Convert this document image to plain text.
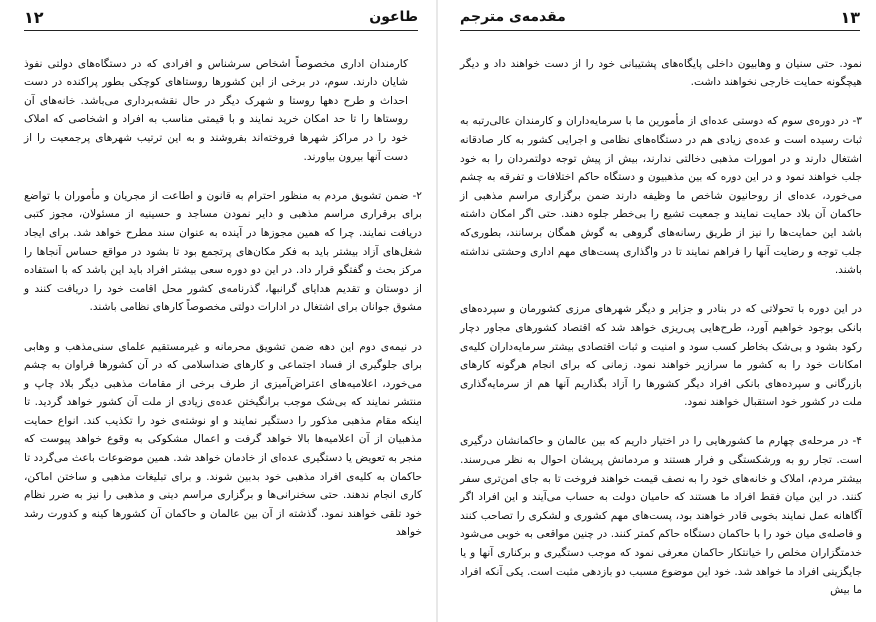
١٢	طاعون

کارمندان اداری مخصوصاً اشخاص سرشناس و افرادی که در دستگاه‌های دولتی نفوذ شایان دارند. سوم، در برخی از این کشورها روستاهای کوچکی بطور پراکنده در دست احداث و طرح دهها روستا و شهرک دیگر در حال نقشه‌برداری می‌باشد. خانه‌های آن روستاها را تا حد امکان خرید نمایند و با قیمتی مناسب به افراد و اشخاصی که املاک خود را در مراکز شهرها فروخته‌اند بفروشند و به این ترتیب شهرهای پرجمعیت را از دست آنها بیرون بیاورند.

۲- ضمن تشویق مردم به منظور احترام به قانون و اطاعت از مجریان و مأموران با تواضع برای برقراری مراسم مذهبی و دایر نمودن مساجد و حسینیه از مسئولان، مجوز کتبی دریافت نمایند. چرا که همین مجوزها در آینده به عنوان سند مطرح خواهد شد. برای ایجاد شغل‌های آزاد بیشتر باید به فکر مکان‌های پرتجمع بود تا بشود در مواقع حساس آنجاها را مرکز بحث و گفتگو قرار داد. در این دو دوره سعی بیشتر افراد باید این باشد که با استفاده از دوستان و تقدیم هدایای گرانبها، گذرنامه‌ی کشور محل اقامت خود را دریافت کنند و مشوق جوانان برای اشتغال در ادارات دولتی مخصوصاً کارهای نظامی باشند.

در نیمه‌ی دوم این دهه ضمن تشویق محرمانه و غیرمستقیم علمای سنی‌مذهب و وهابی برای جلوگیری از فساد اجتماعی و کارهای ضداسلامی که در آن کشورها فراوان به چشم می‌خورد، اعلامیه‌های اعتراض‌آمیزی از طرف برخی از مقامات مذهبی دیگر بلاد چاپ و منتشر نمایند که بی‌شک موجب برانگیختن عده‌ی زیادی از ملت آن کشور خواهد گردید. تا اینکه مقام مذهبی مذکور را دستگیر نمایند و او نوشته‌ی خود را تکذیب کند. انواع حمایت مذهبیان از آن اعلامیه‌ها بالا خواهد گرفت و اعمال مشکوکی به وقوع خواهد پیوست که منجر به تعویض یا دستگیری عده‌ای از خادمان خواهد شد. همین موضوعات باعث می‌گردد تا حاکمان به کلیه‌ی افراد مذهبی خود بدبین شوند. و برای تبلیغات مذهبی و ساختن اماکن، کاری انجام ندهند. حتی سخنرانی‌ها و برگزاری مراسم دینی و مذهبی را نیز به ضرر نظام خود تلقی خواهند نمود. گذشته از آن بین عالمان و حاکمان آن کشورها کینه و کدورت رشد خواهد

مقدمه‌ی مترجم	١٣

نمود. حتی سنیان و وهابیون داخلی پایگاه‌های پشتیبانی خود را از دست خواهند داد و دیگر هیچگونه حمایت خارجی نخواهند داشت.

۳- در دوره‌ی سوم که دوستی عده‌ای از مأمورین ما با سرمایه‌داران و کارمندان عالی‌رتبه به ثبات رسیده است و عده‌ی زیادی هم در دستگاه‌های نظامی و اجرایی کشور به کار صادقانه اشتغال دارند و در امورات مذهبی دخالتی ندارند، بیش از پیش توجه دولتمردان را به خود جلب خواهند نمود و در این دوره که بین مذهبیون و دستگاه حاکم اختلافات و تفرقه به چشم می‌خورد، عده‌ای از روحانیون شاخص ما وظیفه دارند ضمن برگزاری مراسم مذهبی از حاکمان آن بلاد حمایت نمایند و جمعیت تشیع را بی‌خطر جلوه دهند. حتی اگر امکان داشته باشد این حمایت‌ها را نیز از طریق رسانه‌های گروهی به گوش همگان برسانند، بطوری‌که جلب توجه و رضایت آنها را فراهم نمایند تا در واگذاری پست‌های مهم اداری وحشتی نداشته باشند.

در این دوره با تحولاتی که در بنادر و جزایر و دیگر شهرهای مرزی کشورمان و سپرده‌های بانکی بوجود خواهیم آورد، طرح‌هایی پی‌ریزی خواهد شد که اقتصاد کشورهای مجاور دچار رکود بشود و بی‌شک بخاطر کسب سود و امنیت و ثبات اقتصادی بیشتر سرمایه‌داران کلیه‌ی امکانات خود را به کشور ما سرازیر خواهند نمود. زمانی که برای انجام هرگونه کارهای بازرگانی و سپرده‌های بانکی افراد دیگر کشورها را آزاد بگذاریم آنها هم از سرمایه‌گذاری ملت در کشور خود استقبال خواهند نمود.

۴- در مرحله‌ی چهارم ما کشورهایی را در اختیار داریم که بین عالمان و حاکمانشان درگیری است. تجار رو به ورشکستگی و فرار هستند و مردمانش پریشان احوال به نظر می‌رسند. بیشتر مردم، املاک و خانه‌های خود را به نصف قیمت خواهند فروخت تا به جای امن‌تری سفر کنند. در این میان فقط افراد ما هستند که حامیان دولت به حساب می‌آیند و این افراد اگر آگاهانه عمل نمایند بخوبی قادر خواهند بود، پست‌های مهم کشوری و لشکری را تصاحب کنند و فاصله‌ی میان خود را با حاکمان دستگاه حاکم کمتر کنند. در چنین مواقعی به خوبی می‌شود خدمتگزاران مخلص را خیانتکار حاکمان معرفی نمود که موجب دستگیری و برکناری آنها و یا جایگزینی افراد ما خواهد شد. خود این موضوع مسبب دو بازدهی مثبت است. یکی آنکه افراد ما بیش
